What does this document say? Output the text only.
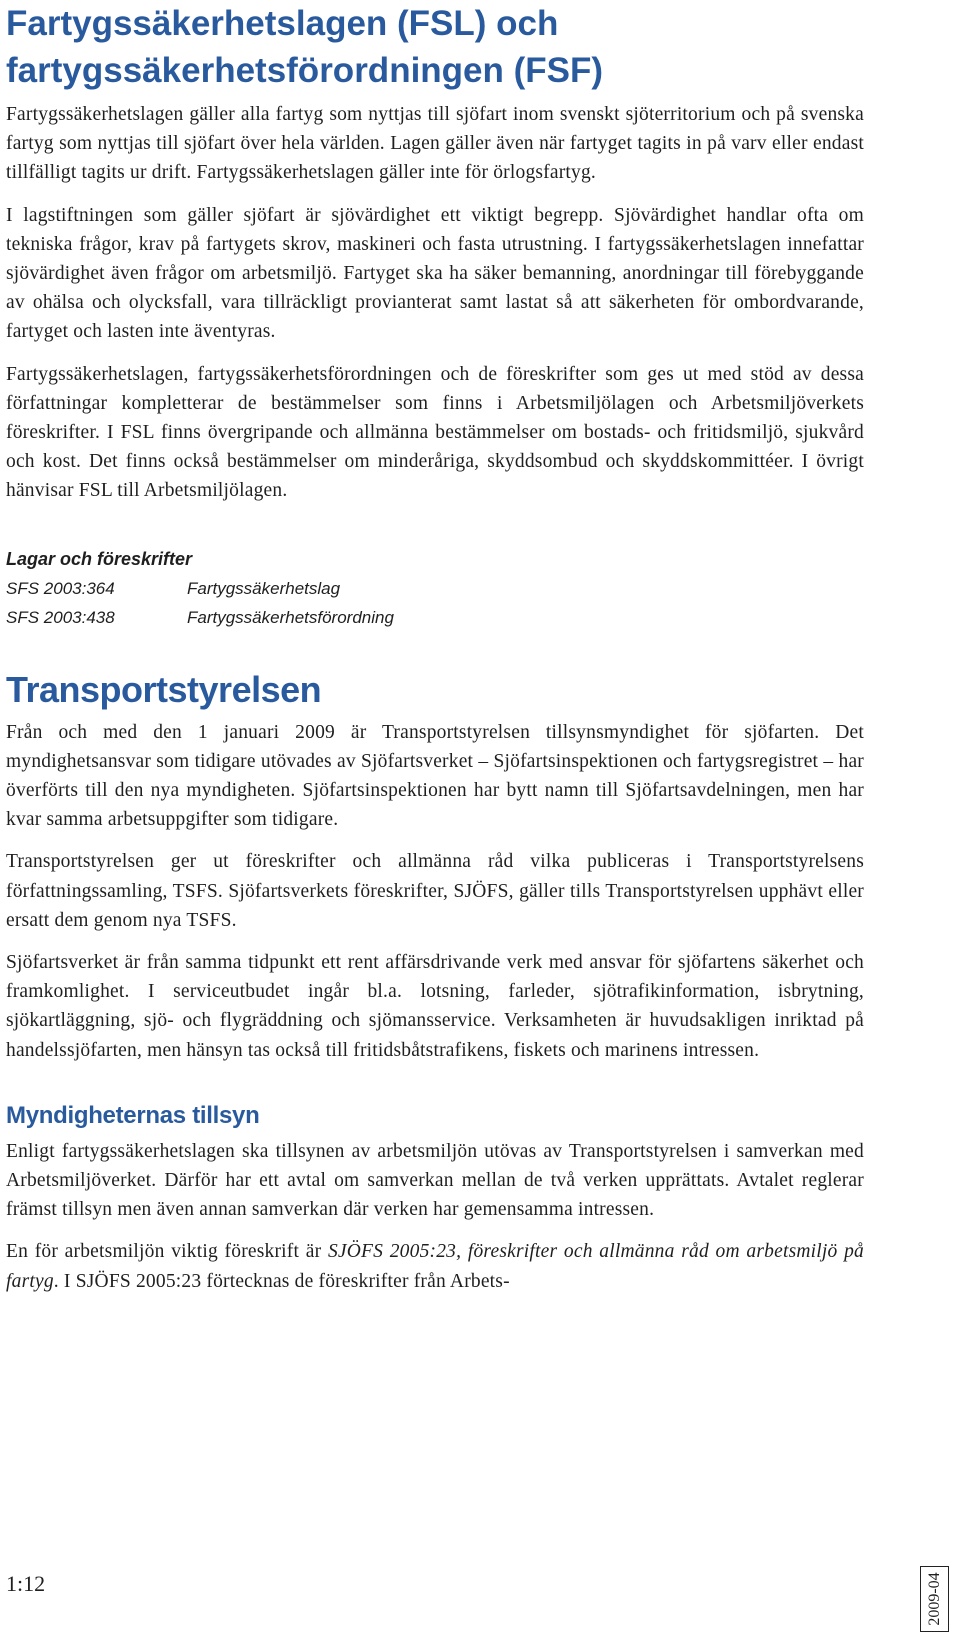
Fartygssäkerhetslagen (FSL) och fartygssäkerhetsförordningen (FSF)

Fartygssäkerhetslagen gäller alla fartyg som nyttjas till sjöfart inom svenskt sjöterritorium och på svenska fartyg som nyttjas till sjöfart över hela världen. Lagen gäller även när fartyget tagits in på varv eller endast tillfälligt tagits ur drift. Fartygssäkerhetslagen gäller inte för örlogsfartyg.

I lagstiftningen som gäller sjöfart är sjövärdighet ett viktigt begrepp. Sjövärdighet handlar ofta om tekniska frågor, krav på fartygets skrov, maskineri och fasta utrustning. I fartygssäkerhetslagen innefattar sjövärdighet även frågor om arbetsmiljö. Fartyget ska ha säker bemanning, anordningar till förebyggande av ohälsa och olycksfall, vara tillräckligt provianterat samt lastat så att säkerheten för ombordvarande, fartyget och lasten inte äventyras.

Fartygssäkerhetslagen, fartygssäkerhetsförordningen och de föreskrifter som ges ut med stöd av dessa författningar kompletterar de bestämmelser som finns i Arbetsmiljölagen och Arbetsmiljöverkets föreskrifter. I FSL finns övergripande och allmänna bestämmelser om bostads- och fritidsmiljö, sjukvård och kost. Det finns också bestämmelser om minderåriga, skyddsombud och skyddskommittéer. I övrigt hänvisar FSL till Arbetsmiljölagen.

Lagar och föreskrifter

SFS 2003:364	Fartygssäkerhetslag
SFS 2003:438	Fartygssäkerhetsförordning
Transportstyrelsen

Från och med den 1 januari 2009 är Transportstyrelsen tillsynsmyndighet för sjöfarten. Det myndighetsansvar som tidigare utövades av Sjöfartsverket – Sjöfartsinspektionen och fartygsregistret – har överförts till den nya myndigheten. Sjöfartsinspektionen har bytt namn till Sjöfartsavdelningen, men har kvar samma arbetsuppgifter som tidigare.

Transportstyrelsen ger ut föreskrifter och allmänna råd vilka publiceras i Transportstyrelsens författningssamling, TSFS. Sjöfartsverkets föreskrifter, SJÖFS, gäller tills Transportstyrelsen upphävt eller ersatt dem genom nya TSFS.

Sjöfartsverket är från samma tidpunkt ett rent affärsdrivande verk med ansvar för sjöfartens säkerhet och framkomlighet. I serviceutbudet ingår bl.a. lotsning, farleder, sjötrafikinformation, isbrytning, sjökartläggning, sjö- och flygräddning och sjömansservice. Verksamheten är huvudsakligen inriktad på handelssjöfarten, men hänsyn tas också till fritidsbåtstrafikens, fiskets och marinens intressen.

Myndigheternas tillsyn

Enligt fartygssäkerhetslagen ska tillsynen av arbetsmiljön utövas av Transportstyrelsen i samverkan med Arbetsmiljöverket. Därför har ett avtal om samverkan mellan de två verken upprättats. Avtalet reglerar främst tillsyn men även annan samverkan där verken har gemensamma intressen.

En för arbetsmiljön viktig föreskrift är SJÖFS 2005:23, föreskrifter och allmänna råd om arbetsmiljö på fartyg. I SJÖFS 2005:23 förtecknas de föreskrifter från Arbets-

1:12	2009-04
